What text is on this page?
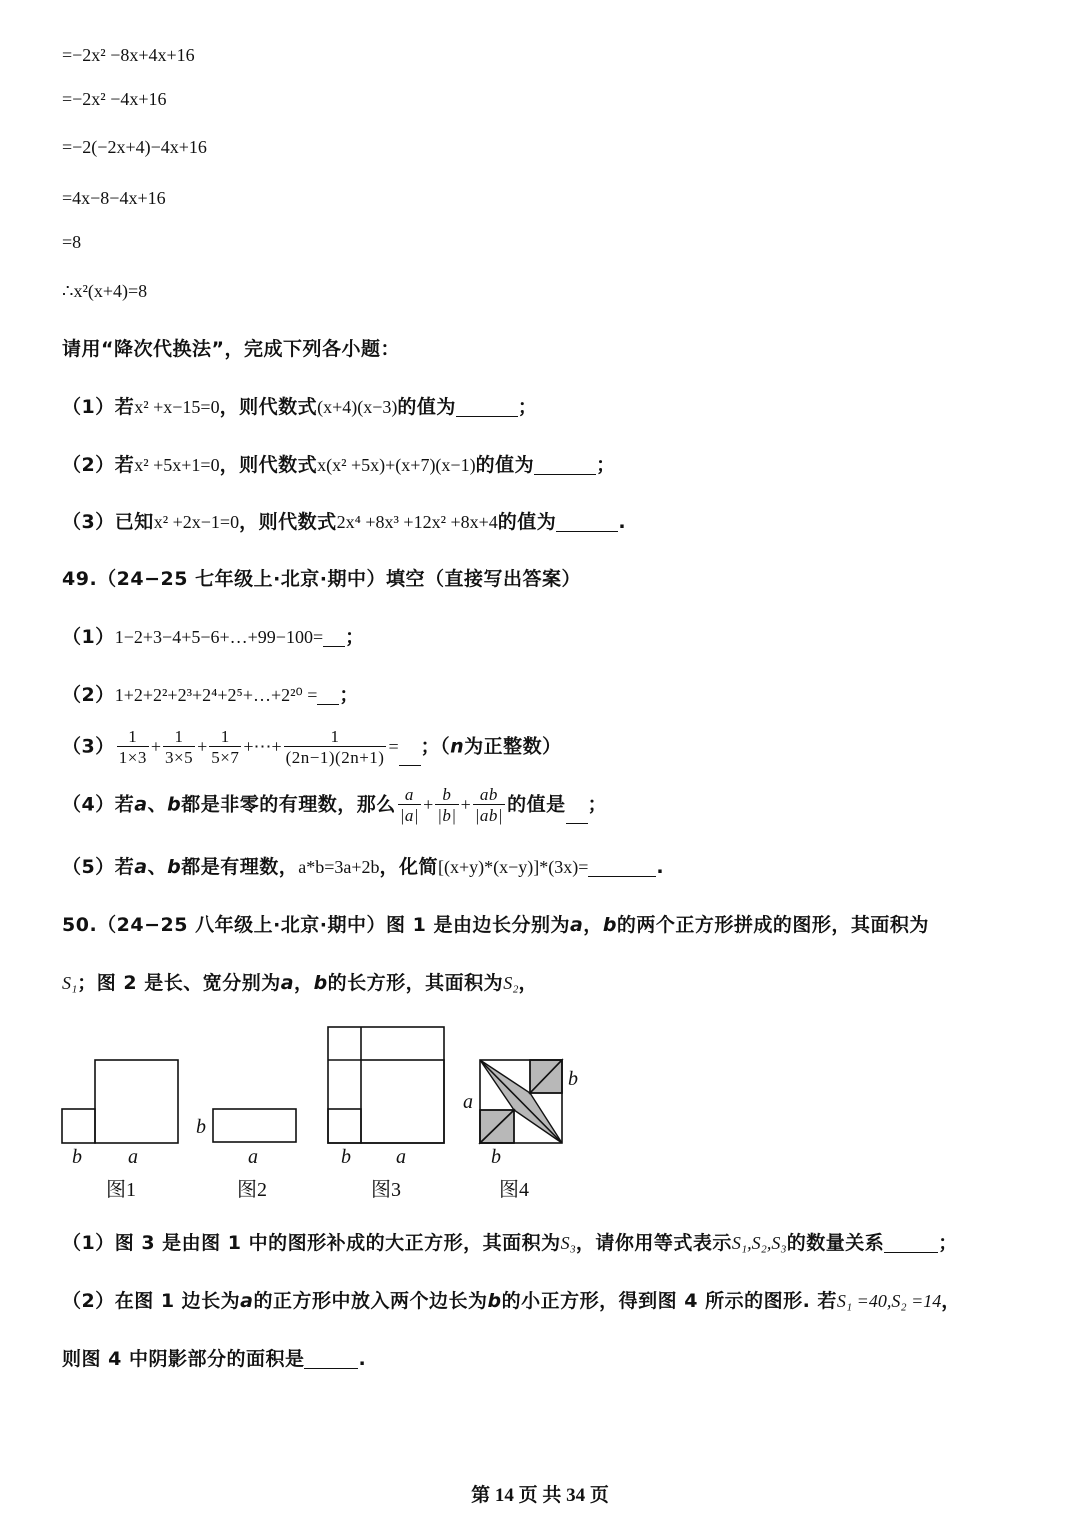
=−2x² −8x+4x+16
=−2x² −4x+16
=−2(−2x+4)−4x+16
=4x−8−4x+16
=8
∴x²(x+4)=8
请用“降次代换法”，完成下列各小题：
（1）若x² +x−15=0，则代数式(x+4)(x−3)的值为	；
（2）若x² +5x+1=0，则代数式x(x² +5x)+(x+7)(x−1)的值为	；
（3）已知x² +2x−1=0，则代数式2x⁴ +8x³ +12x² +8x+4的值为	.
49.（24−25 七年级上·北京·期中）填空（直接写出答案）
（1）1−2+3−4+5−6+…+99−100= ；
（2）1+2+2²+2³+2⁴+2⁵+…+2²⁰ = ；
$(3) \frac{1}{1\times 3} + \frac{1}{3\times 5} + \frac{1}{5\times 7}$ +⋯+ $\frac{1}{(2n-1)(2n+1)}$ = ；（n为正整数）
（4）若a、b都是非零的有理数，那么 $\frac{a}{|a|} + \frac{b}{|b|} + \frac{ab}{|ab|}$ 的值是 ；
（5）若a、b都是有理数，a*b=3a+2b，化简[(x+y)*(x−y)]*(3x)=	.
50.（24−25 八年级上·北京·期中）图 1 是由边长分别为a，b的两个正方形拼成的图形，其面积为
S₁；图 2 是长、宽分别为a，b的长方形，其面积为S₂，
b a
图1
b
a
图2
b a
图3
a
b
b
图4
（1）图 3 是由图 1 中的图形补成的大正方形，其面积为S₃，请你用等式表示S₁,S₂,S₃的数量关系	；
（2）在图 1 边长为a的正方形中放入两个边长为b的小正方形，得到图 4 所示的图形. 若S₁ =40,S₂ =14，
则图 4 中阴影部分的面积是	.
第 14 页 共 34 页
